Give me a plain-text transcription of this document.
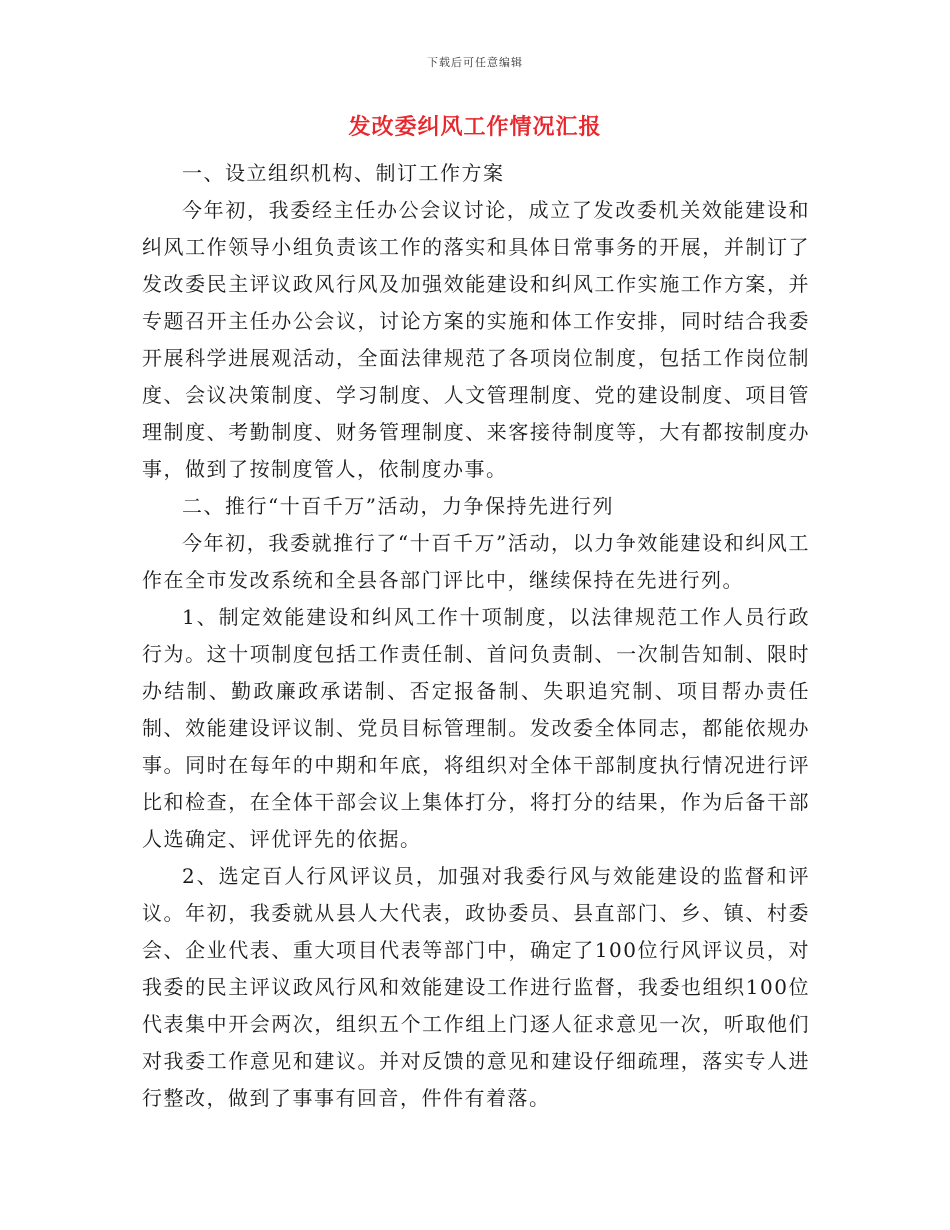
下载后可任意编辑
发改委纠风工作情况汇报

一、设立组织机构、制订工作方案

今年初，我委经主任办公会议讨论，成立了发改委机关效能建设和纠风工作领导小组负责该工作的落实和具体日常事务的开展，并制订了发改委民主评议政风行风及加强效能建设和纠风工作实施工作方案，并专题召开主任办公会议，讨论方案的实施和体工作安排，同时结合我委开展科学进展观活动，全面法律规范了各项岗位制度，包括工作岗位制度、会议决策制度、学习制度、人文管理制度、党的建设制度、项目管理制度、考勤制度、财务管理制度、来客接待制度等，大有都按制度办事，做到了按制度管人，依制度办事。

二、推行“十百千万”活动，力争保持先进行列

今年初，我委就推行了“十百千万”活动，以力争效能建设和纠风工作在全市发改系统和全县各部门评比中，继续保持在先进行列。

1、制定效能建设和纠风工作十项制度，以法律规范工作人员行政行为。这十项制度包括工作责任制、首问负责制、一次制告知制、限时办结制、勤政廉政承诺制、否定报备制、失职追究制、项目帮办责任制、效能建设评议制、党员目标管理制。发改委全体同志，都能依规办事。同时在每年的中期和年底，将组织对全体干部制度执行情况进行评比和检查，在全体干部会议上集体打分，将打分的结果，作为后备干部人选确定、评优评先的依据。

2、选定百人行风评议员，加强对我委行风与效能建设的监督和评议。年初，我委就从县人大代表，政协委员、县直部门、乡、镇、村委会、企业代表、重大项目代表等部门中，确定了100位行风评议员，对我委的民主评议政风行风和效能建设工作进行监督，我委也组织100位代表集中开会两次，组织五个工作组上门逐人征求意见一次，听取他们对我委工作意见和建议。并对反馈的意见和建设仔细疏理，落实专人进行整改，做到了事事有回音，件件有着落。
